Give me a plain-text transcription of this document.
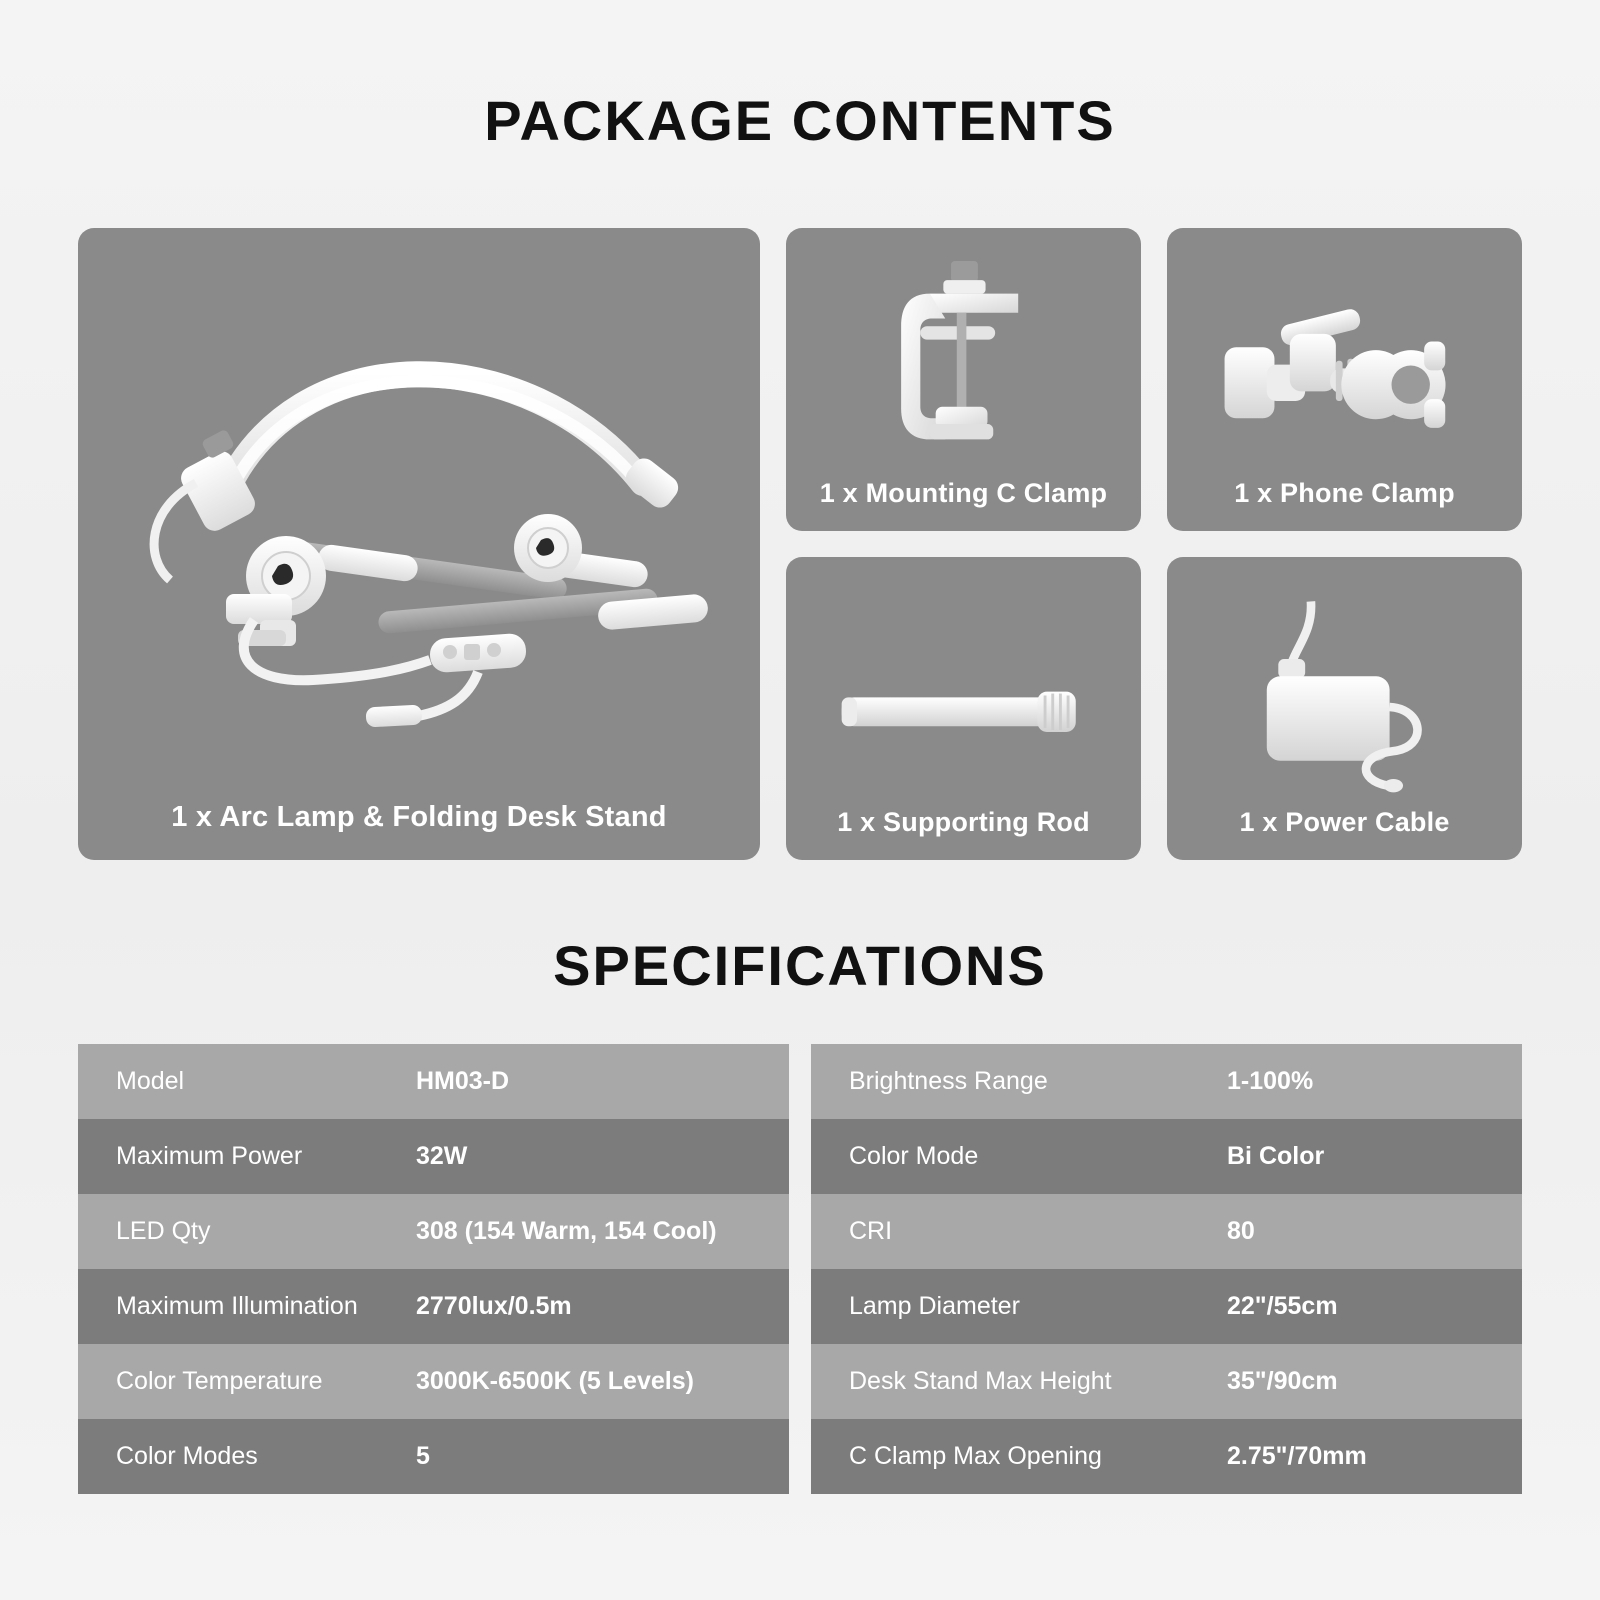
PACKAGE CONTENTS
1 x Arc Lamp & Folding Desk Stand
1 x Mounting C Clamp	1 x Phone Clamp
1 x Supporting Rod	1 x Power Cable
SPECIFICATIONS
Model	HM03-D
Maximum Power	32W
LED Qty	308 (154 Warm, 154 Cool)
Maximum Illumination	2770lux/0.5m
Color Temperature	3000K-6500K (5 Levels)
Color Modes	5
Brightness Range	1-100%
Color Mode	Bi Color
CRI	80
Lamp Diameter	22"/55cm
Desk Stand Max Height	35"/90cm
C Clamp Max Opening	2.75"/70mm
